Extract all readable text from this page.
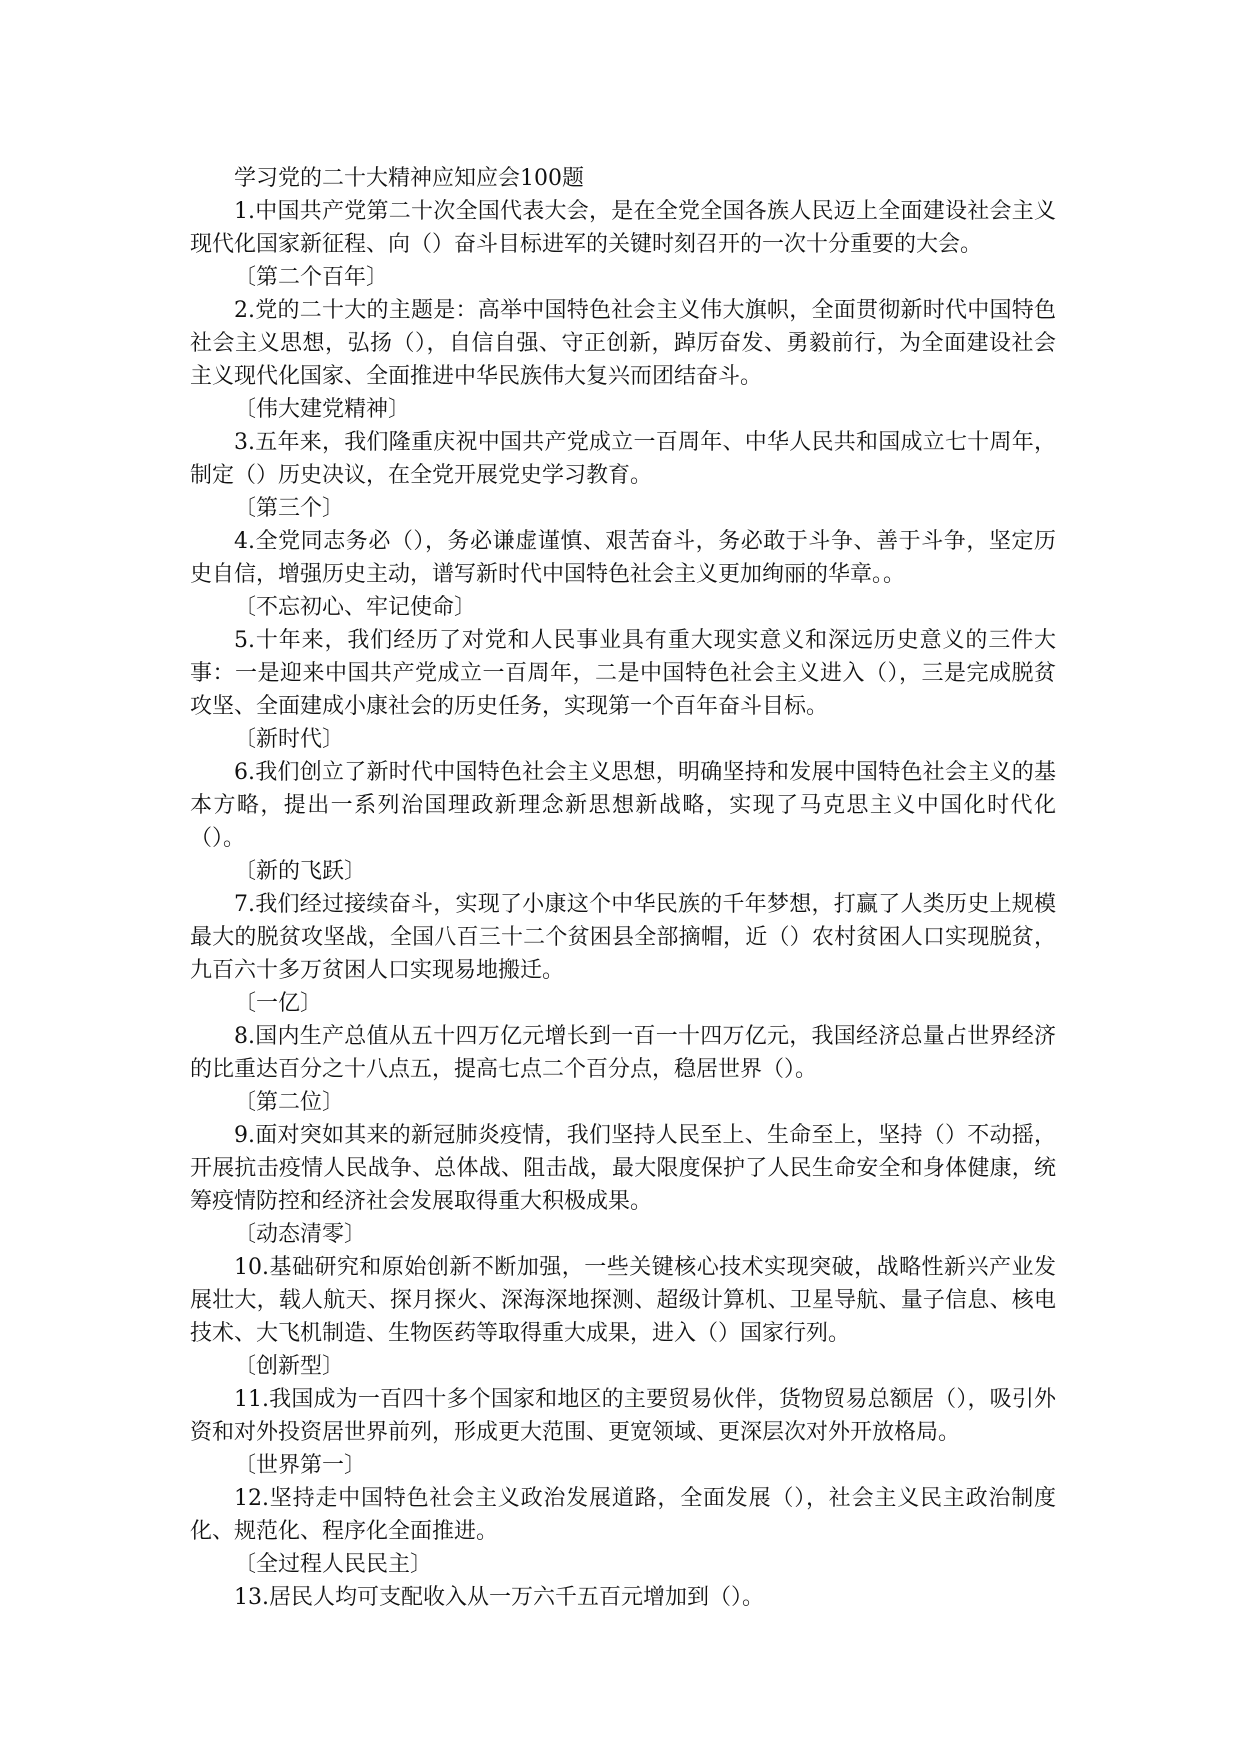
学习党的二十大精神应知应会100题

1.中国共产党第二十次全国代表大会，是在全党全国各族人民迈上全面建设社会主义现代化国家新征程、向（）奋斗目标进军的关键时刻召开的一次十分重要的大会。

〔第二个百年〕

2.党的二十大的主题是：高举中国特色社会主义伟大旗帜，全面贯彻新时代中国特色社会主义思想，弘扬（），自信自强、守正创新，踔厉奋发、勇毅前行，为全面建设社会主义现代化国家、全面推进中华民族伟大复兴而团结奋斗。

〔伟大建党精神〕

3.五年来，我们隆重庆祝中国共产党成立一百周年、中华人民共和国成立七十周年，制定（）历史决议，在全党开展党史学习教育。

〔第三个〕

4.全党同志务必（），务必谦虚谨慎、艰苦奋斗，务必敢于斗争、善于斗争，坚定历史自信，增强历史主动，谱写新时代中国特色社会主义更加绚丽的华章。。

〔不忘初心、牢记使命〕

5.十年来，我们经历了对党和人民事业具有重大现实意义和深远历史意义的三件大事：一是迎来中国共产党成立一百周年，二是中国特色社会主义进入（），三是完成脱贫攻坚、全面建成小康社会的历史任务，实现第一个百年奋斗目标。

〔新时代〕

6.我们创立了新时代中国特色社会主义思想，明确坚持和发展中国特色社会主义的基本方略，提出一系列治国理政新理念新思想新战略，实现了马克思主义中国化时代化（）。

〔新的飞跃〕

7.我们经过接续奋斗，实现了小康这个中华民族的千年梦想，打赢了人类历史上规模最大的脱贫攻坚战，全国八百三十二个贫困县全部摘帽，近（）农村贫困人口实现脱贫，九百六十多万贫困人口实现易地搬迁。

〔一亿〕

8.国内生产总值从五十四万亿元增长到一百一十四万亿元，我国经济总量占世界经济的比重达百分之十八点五，提高七点二个百分点，稳居世界（）。

〔第二位〕

9.面对突如其来的新冠肺炎疫情，我们坚持人民至上、生命至上，坚持（）不动摇，开展抗击疫情人民战争、总体战、阻击战，最大限度保护了人民生命安全和身体健康，统筹疫情防控和经济社会发展取得重大积极成果。

〔动态清零〕

10.基础研究和原始创新不断加强，一些关键核心技术实现突破，战略性新兴产业发展壮大，载人航天、探月探火、深海深地探测、超级计算机、卫星导航、量子信息、核电技术、大飞机制造、生物医药等取得重大成果，进入（）国家行列。

〔创新型〕

11.我国成为一百四十多个国家和地区的主要贸易伙伴，货物贸易总额居（），吸引外资和对外投资居世界前列，形成更大范围、更宽领域、更深层次对外开放格局。

〔世界第一〕

12.坚持走中国特色社会主义政治发展道路，全面发展（），社会主义民主政治制度化、规范化、程序化全面推进。

〔全过程人民民主〕

13.居民人均可支配收入从一万六千五百元增加到（）。
